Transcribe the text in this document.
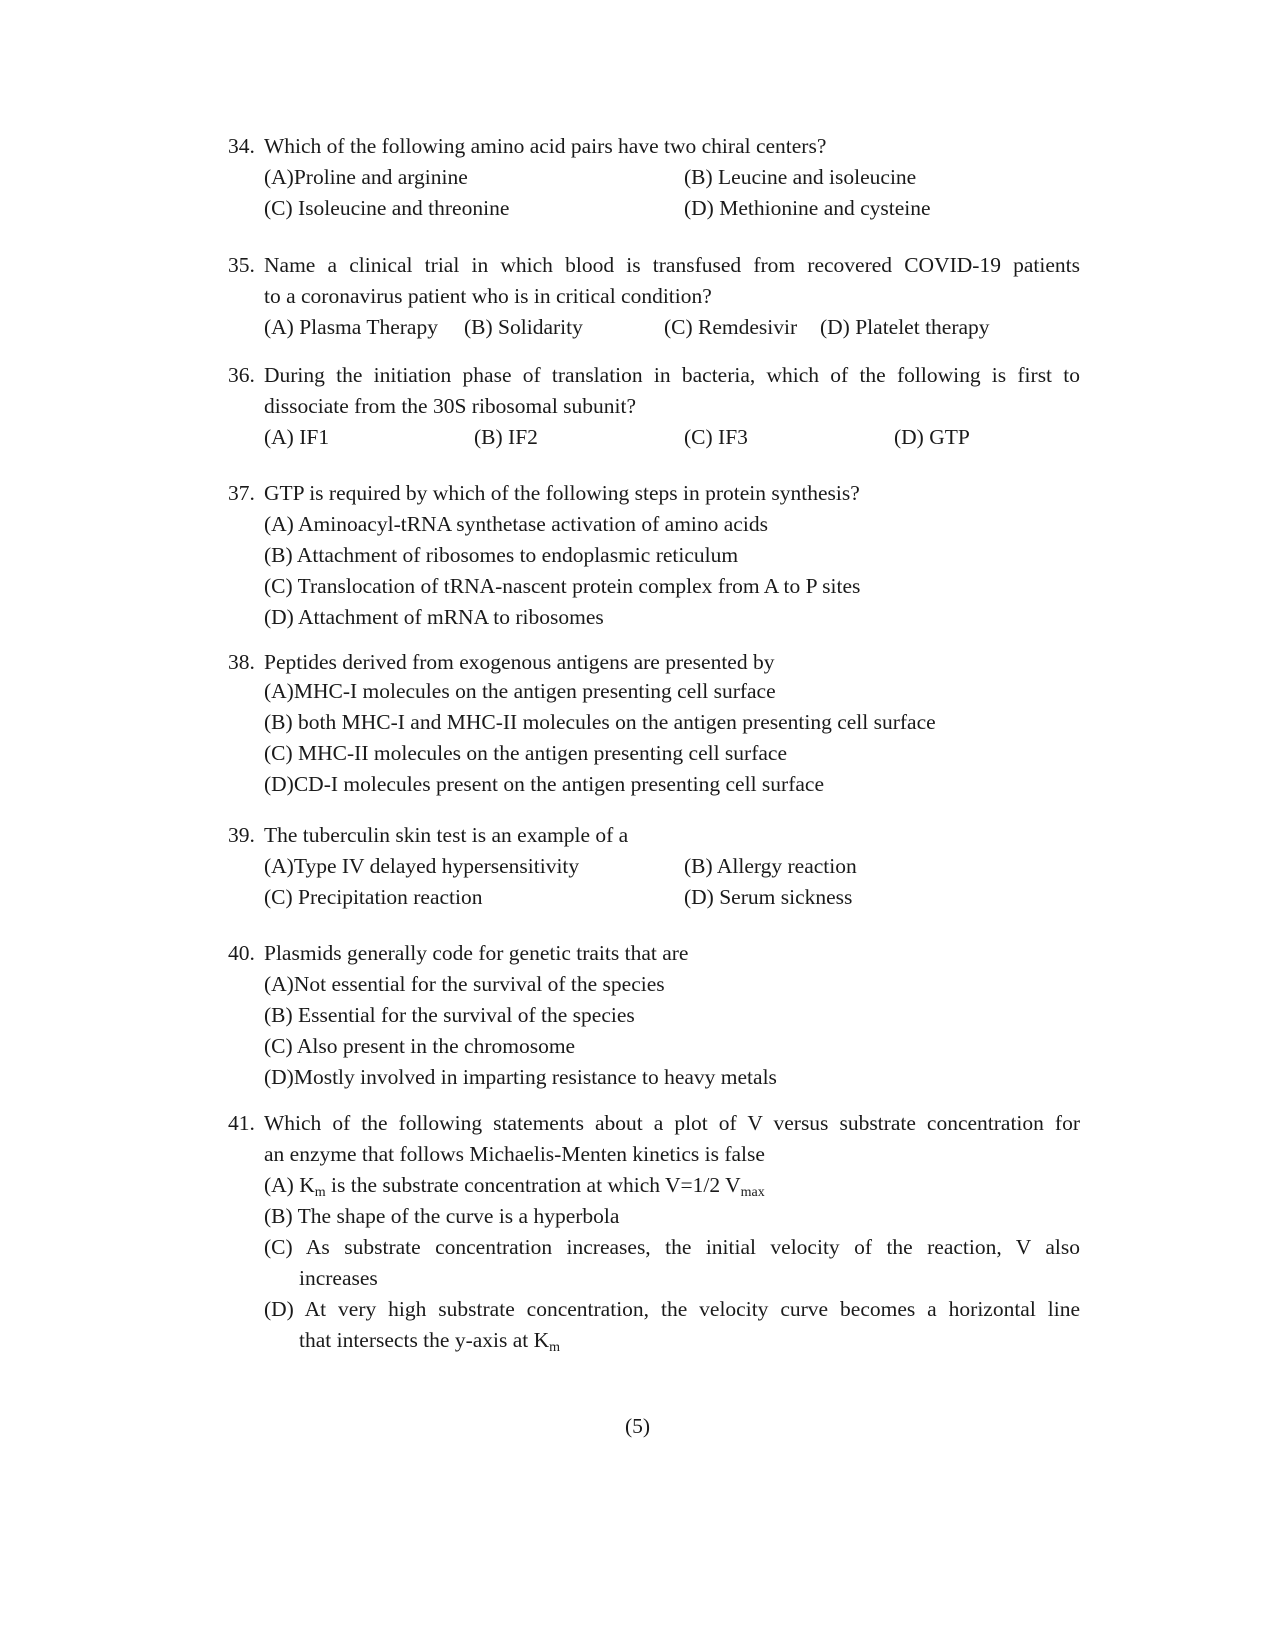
34. Which of the following amino acid pairs have two chiral centers?
(A)Proline and arginine	(B) Leucine and isoleucine
(C) Isoleucine and threonine	(D) Methionine and cysteine
35. Name a clinical trial in which blood is transfused from recovered COVID-19 patients
to a coronavirus patient who is in critical condition?
(A) Plasma Therapy	(B) Solidarity	(C) Remdesivir	(D) Platelet therapy
36. During the initiation phase of translation in bacteria, which of the following is first to
dissociate from the 30S ribosomal subunit?
(A) IF1	(B) IF2	(C) IF3	(D) GTP
37. GTP is required by which of the following steps in protein synthesis?
(A) Aminoacyl-tRNA synthetase activation of amino acids
(B) Attachment of ribosomes to endoplasmic reticulum
(C) Translocation of tRNA-nascent protein complex from A to P sites
(D) Attachment of mRNA to ribosomes
38. Peptides derived from exogenous antigens are presented by
(A)MHC-I molecules on the antigen presenting cell surface
(B) both MHC-I and MHC-II molecules on the antigen presenting cell surface
(C) MHC-II molecules on the antigen presenting cell surface
(D)CD-I molecules present on the antigen presenting cell surface
39. The tuberculin skin test is an example of a
(A)Type IV delayed hypersensitivity	(B) Allergy reaction
(C) Precipitation reaction	(D) Serum sickness
40. Plasmids generally code for genetic traits that are
(A)Not essential for the survival of the species
(B) Essential for the survival of the species
(C) Also present in the chromosome
(D)Mostly involved in imparting resistance to heavy metals
41. Which of the following statements about a plot of V versus substrate concentration for
an enzyme that follows Michaelis-Menten kinetics is false
(A) $K_m$ is the substrate concentration at which V=1/2 $V_{max}$
(B) The shape of the curve is a hyperbola
(C) As substrate concentration increases, the initial velocity of the reaction, V also
increases
(D) At very high substrate concentration, the velocity curve becomes a horizontal line
that intersects the y-axis at $K_m$
(5)
